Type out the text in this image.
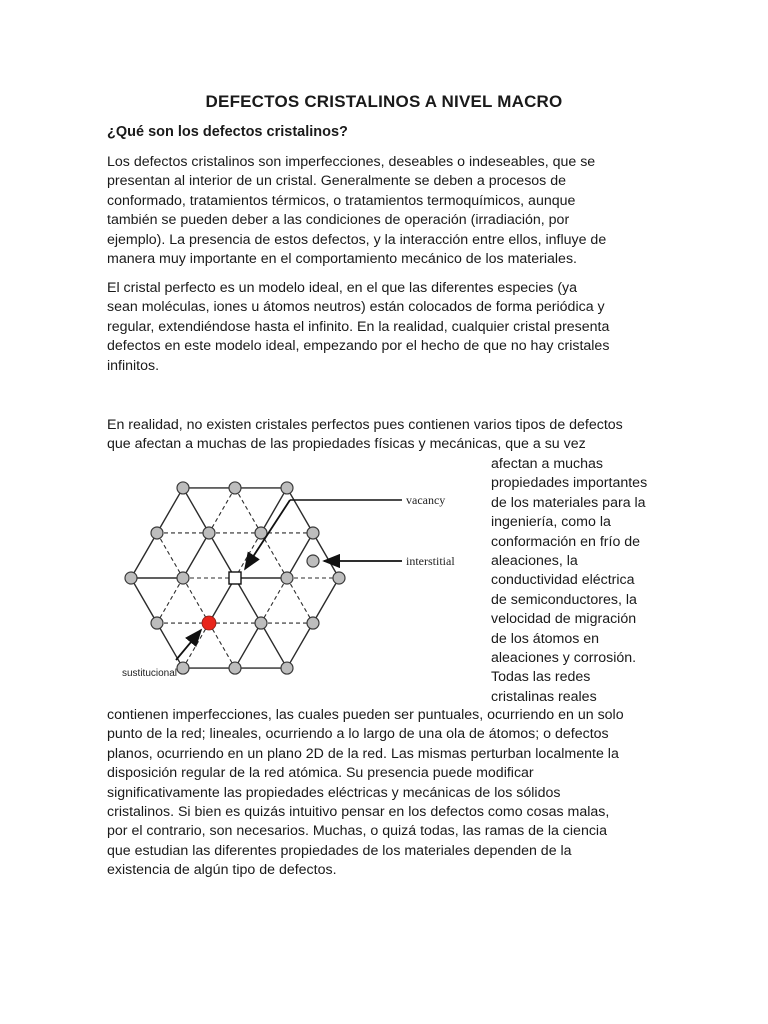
DEFECTOS CRISTALINOS A NIVEL MACRO
¿Qué son los defectos cristalinos?

Los defectos cristalinos son imperfecciones, deseables o indeseables, que se
presentan al interior de un cristal. Generalmente se deben a procesos de
conformado, tratamientos térmicos, o tratamientos termoquímicos, aunque
también se pueden deber a las condiciones de operación (irradiación, por
ejemplo). La presencia de estos defectos, y la interacción entre ellos, influye de
manera muy importante en el comportamiento mecánico de los materiales.

El cristal perfecto es un modelo ideal, en el que las diferentes especies (ya
sean moléculas, iones u átomos neutros) están colocados de forma periódica y
regular, extendiéndose hasta el infinito. En la realidad, cualquier cristal presenta
defectos en este modelo ideal, empezando por el hecho de que no hay cristales
infinitos.

En realidad, no existen cristales perfectos pues contienen varios tipos de defectos
que afectan a muchas de las propiedades físicas y mecánicas, que a su vez

afectan a muchas
propiedades importantes
de los materiales para la
ingeniería, como la
conformación en frío de
aleaciones, la
conductividad eléctrica
de semiconductores, la
velocidad de migración
de los átomos en
aleaciones y corrosión.
Todas las redes
cristalinas reales

contienen imperfecciones, las cuales pueden ser puntuales, ocurriendo en un solo
punto de la red; lineales, ocurriendo a lo largo de una ola de átomos; o defectos
planos, ocurriendo en un plano 2D de la red. Las mismas perturban localmente la
disposición regular de la red atómica. Su presencia puede modificar
significativamente las propiedades eléctricas y mecánicas de los sólidos
cristalinos. Si bien es quizás intuitivo pensar en los defectos como cosas malas,
por el contrario, son necesarios. Muchas, o quizá todas, las ramas de la ciencia
que estudian las diferentes propiedades de los materiales dependen de la
existencia de algún tipo de defectos.

vacancy
interstitial
sustitucional
